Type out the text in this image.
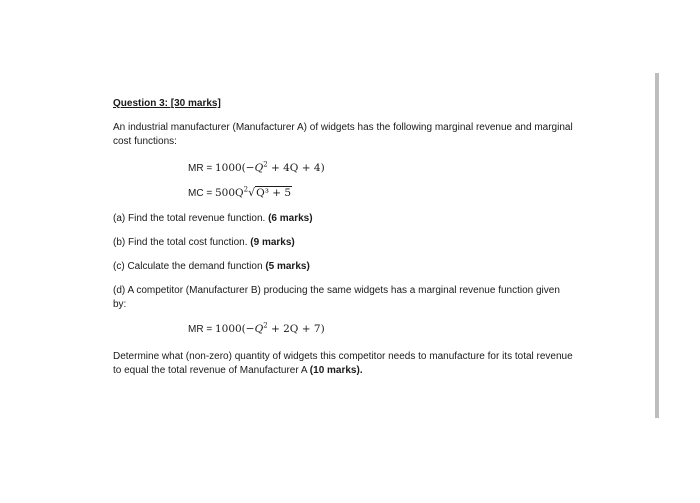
Question 3: [30 marks]
An industrial manufacturer (Manufacturer A) of widgets has the following marginal revenue and marginal cost functions:
MR = $1000(-Q^2 + 4Q + 4)$
MC = $500Q^2√Q^3 + 5$
(a) Find the total revenue function. (6 marks)
(b) Find the total cost function. (9 marks)
(c) Calculate the demand function (5 marks)
(d) A competitor (Manufacturer B) producing the same widgets has a marginal revenue function given by:
MR = $1000(-Q^2 + 2Q + 7)$
Determine what (non-zero) quantity of widgets this competitor needs to manufacture for its total revenue to equal the total revenue of Manufacturer A (10 marks).
